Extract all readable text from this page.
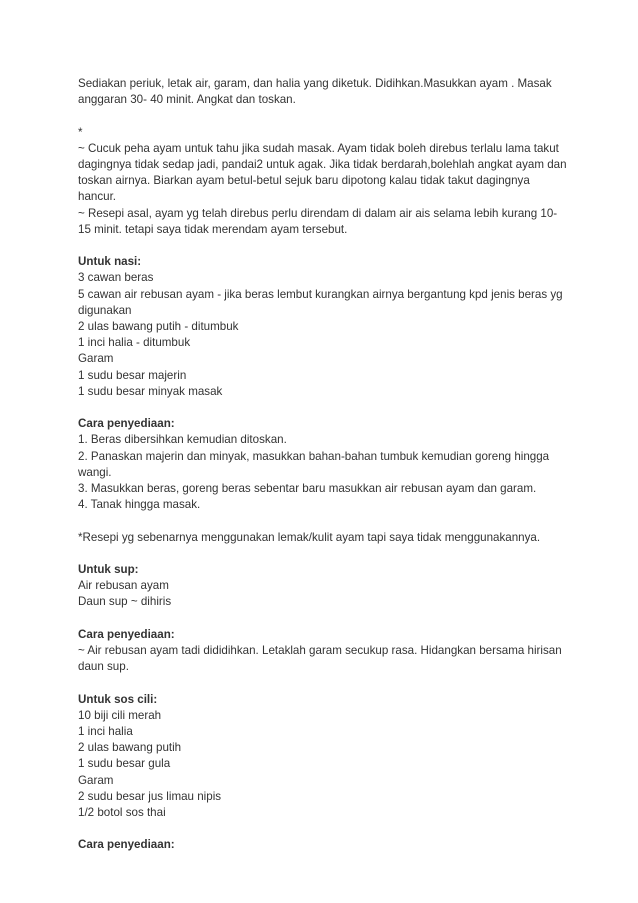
Sediakan periuk, letak air, garam, dan halia yang diketuk. Didihkan.Masukkan ayam . Masak anggaran 30- 40 minit. Angkat dan toskan.
*
~ Cucuk peha ayam untuk tahu jika sudah masak. Ayam tidak boleh direbus terlalu lama takut dagingnya tidak sedap jadi, pandai2 untuk agak. Jika tidak berdarah,bolehlah angkat ayam dan toskan airnya. Biarkan ayam betul-betul sejuk baru dipotong kalau tidak takut dagingnya hancur.
~ Resepi asal, ayam yg telah direbus perlu direndam di dalam air ais selama lebih kurang 10-15 minit. tetapi saya tidak merendam ayam tersebut.
Untuk nasi:
3 cawan beras
5 cawan air rebusan ayam - jika beras lembut kurangkan airnya bergantung kpd jenis beras yg digunakan
2 ulas bawang putih - ditumbuk
1 inci halia - ditumbuk
Garam
1 sudu besar majerin
1 sudu besar minyak masak
Cara penyediaan:
1. Beras dibersihkan kemudian ditoskan.
2. Panaskan majerin dan minyak, masukkan bahan-bahan tumbuk kemudian goreng hingga wangi.
3. Masukkan beras, goreng beras sebentar baru masukkan air rebusan ayam dan garam.
4. Tanak hingga masak.
*Resepi yg sebenarnya menggunakan lemak/kulit ayam tapi saya tidak menggunakannya.
Untuk sup:
Air rebusan ayam
Daun sup ~ dihiris
Cara penyediaan:
~ Air rebusan ayam tadi dididihkan. Letaklah garam secukup rasa. Hidangkan bersama hirisan daun sup.
Untuk sos cili:
10 biji cili merah
1 inci halia
2 ulas bawang putih
1 sudu besar gula
Garam
2 sudu besar jus limau nipis
1/2 botol sos thai
Cara penyediaan:
